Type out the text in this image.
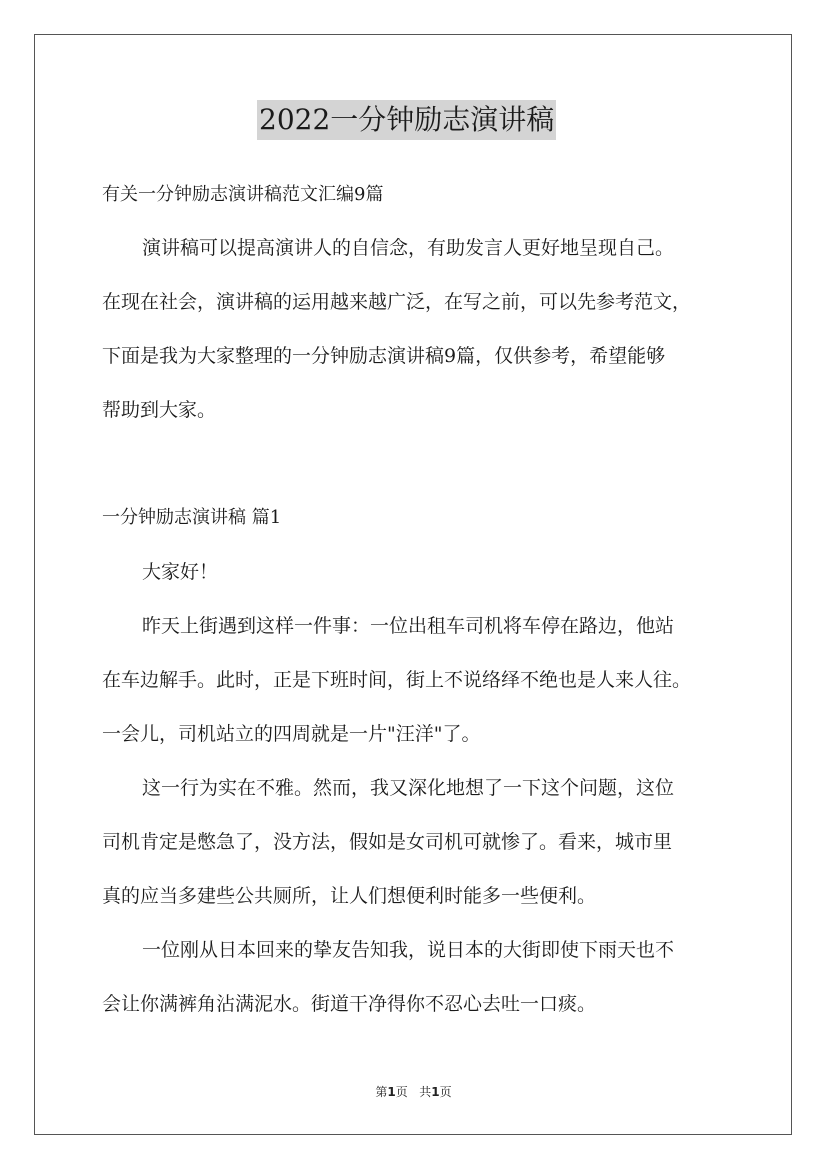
2022一分钟励志演讲稿

有关一分钟励志演讲稿范文汇编9篇

演讲稿可以提高演讲人的自信念，有助发言人更好地呈现自己。
在现在社会，演讲稿的运用越来越广泛，在写之前，可以先参考范文，
下面是我为大家整理的一分钟励志演讲稿9篇，仅供参考，希望能够
帮助到大家。

一分钟励志演讲稿 篇1

大家好！
昨天上街遇到这样一件事：一位出租车司机将车停在路边，他站
在车边解手。此时，正是下班时间，街上不说络绎不绝也是人来人往。
一会儿，司机站立的四周就是一片"汪洋"了。
这一行为实在不雅。然而，我又深化地想了一下这个问题，这位
司机肯定是憋急了，没方法，假如是女司机可就惨了。看来，城市里
真的应当多建些公共厕所，让人们想便利时能多一些便利。
一位刚从日本回来的挚友告知我，说日本的大街即使下雨天也不
会让你满裤角沾满泥水。街道干净得你不忍心去吐一口痰。
第1页 共1页
